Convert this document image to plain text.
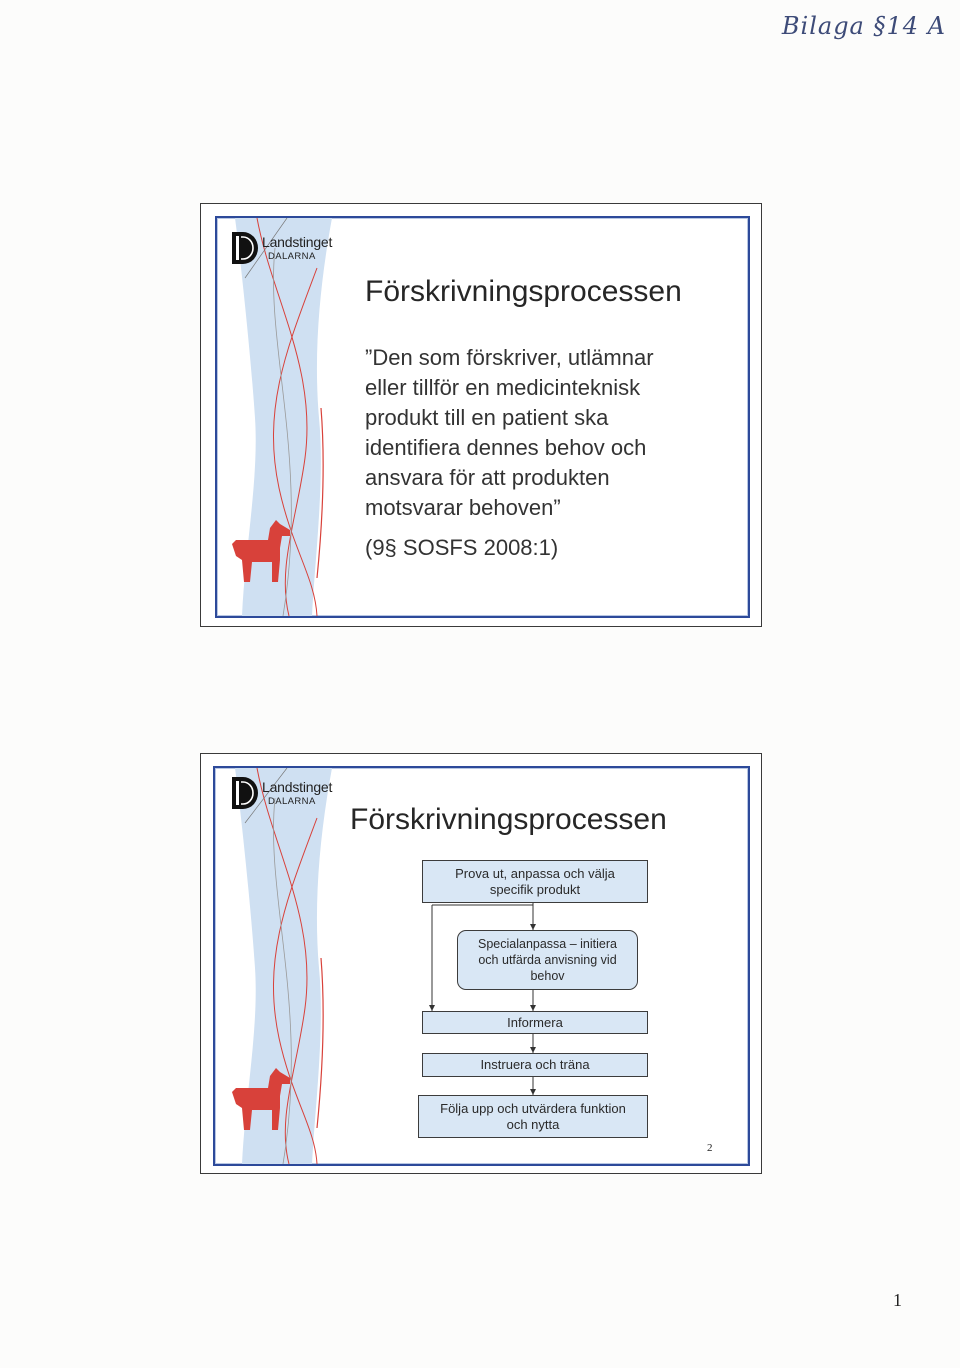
Bilaga §14 A
Landstinget
DALARNA
Förskrivningsprocessen
”Den som förskriver, utlämnar
eller tillför en medicinteknisk
produkt till en patient ska
identifiera dennes behov och
ansvara för att produkten
motsvarar behoven”
(9§ SOSFS 2008:1)
Landstinget
DALARNA
Förskrivningsprocessen
Prova ut, anpassa och välja
specifik produkt
Specialanpassa – initiera
och utfärda anvisning vid
behov
Informera
Instruera och träna
Följa upp och utvärdera funktion
och nytta
2
1
